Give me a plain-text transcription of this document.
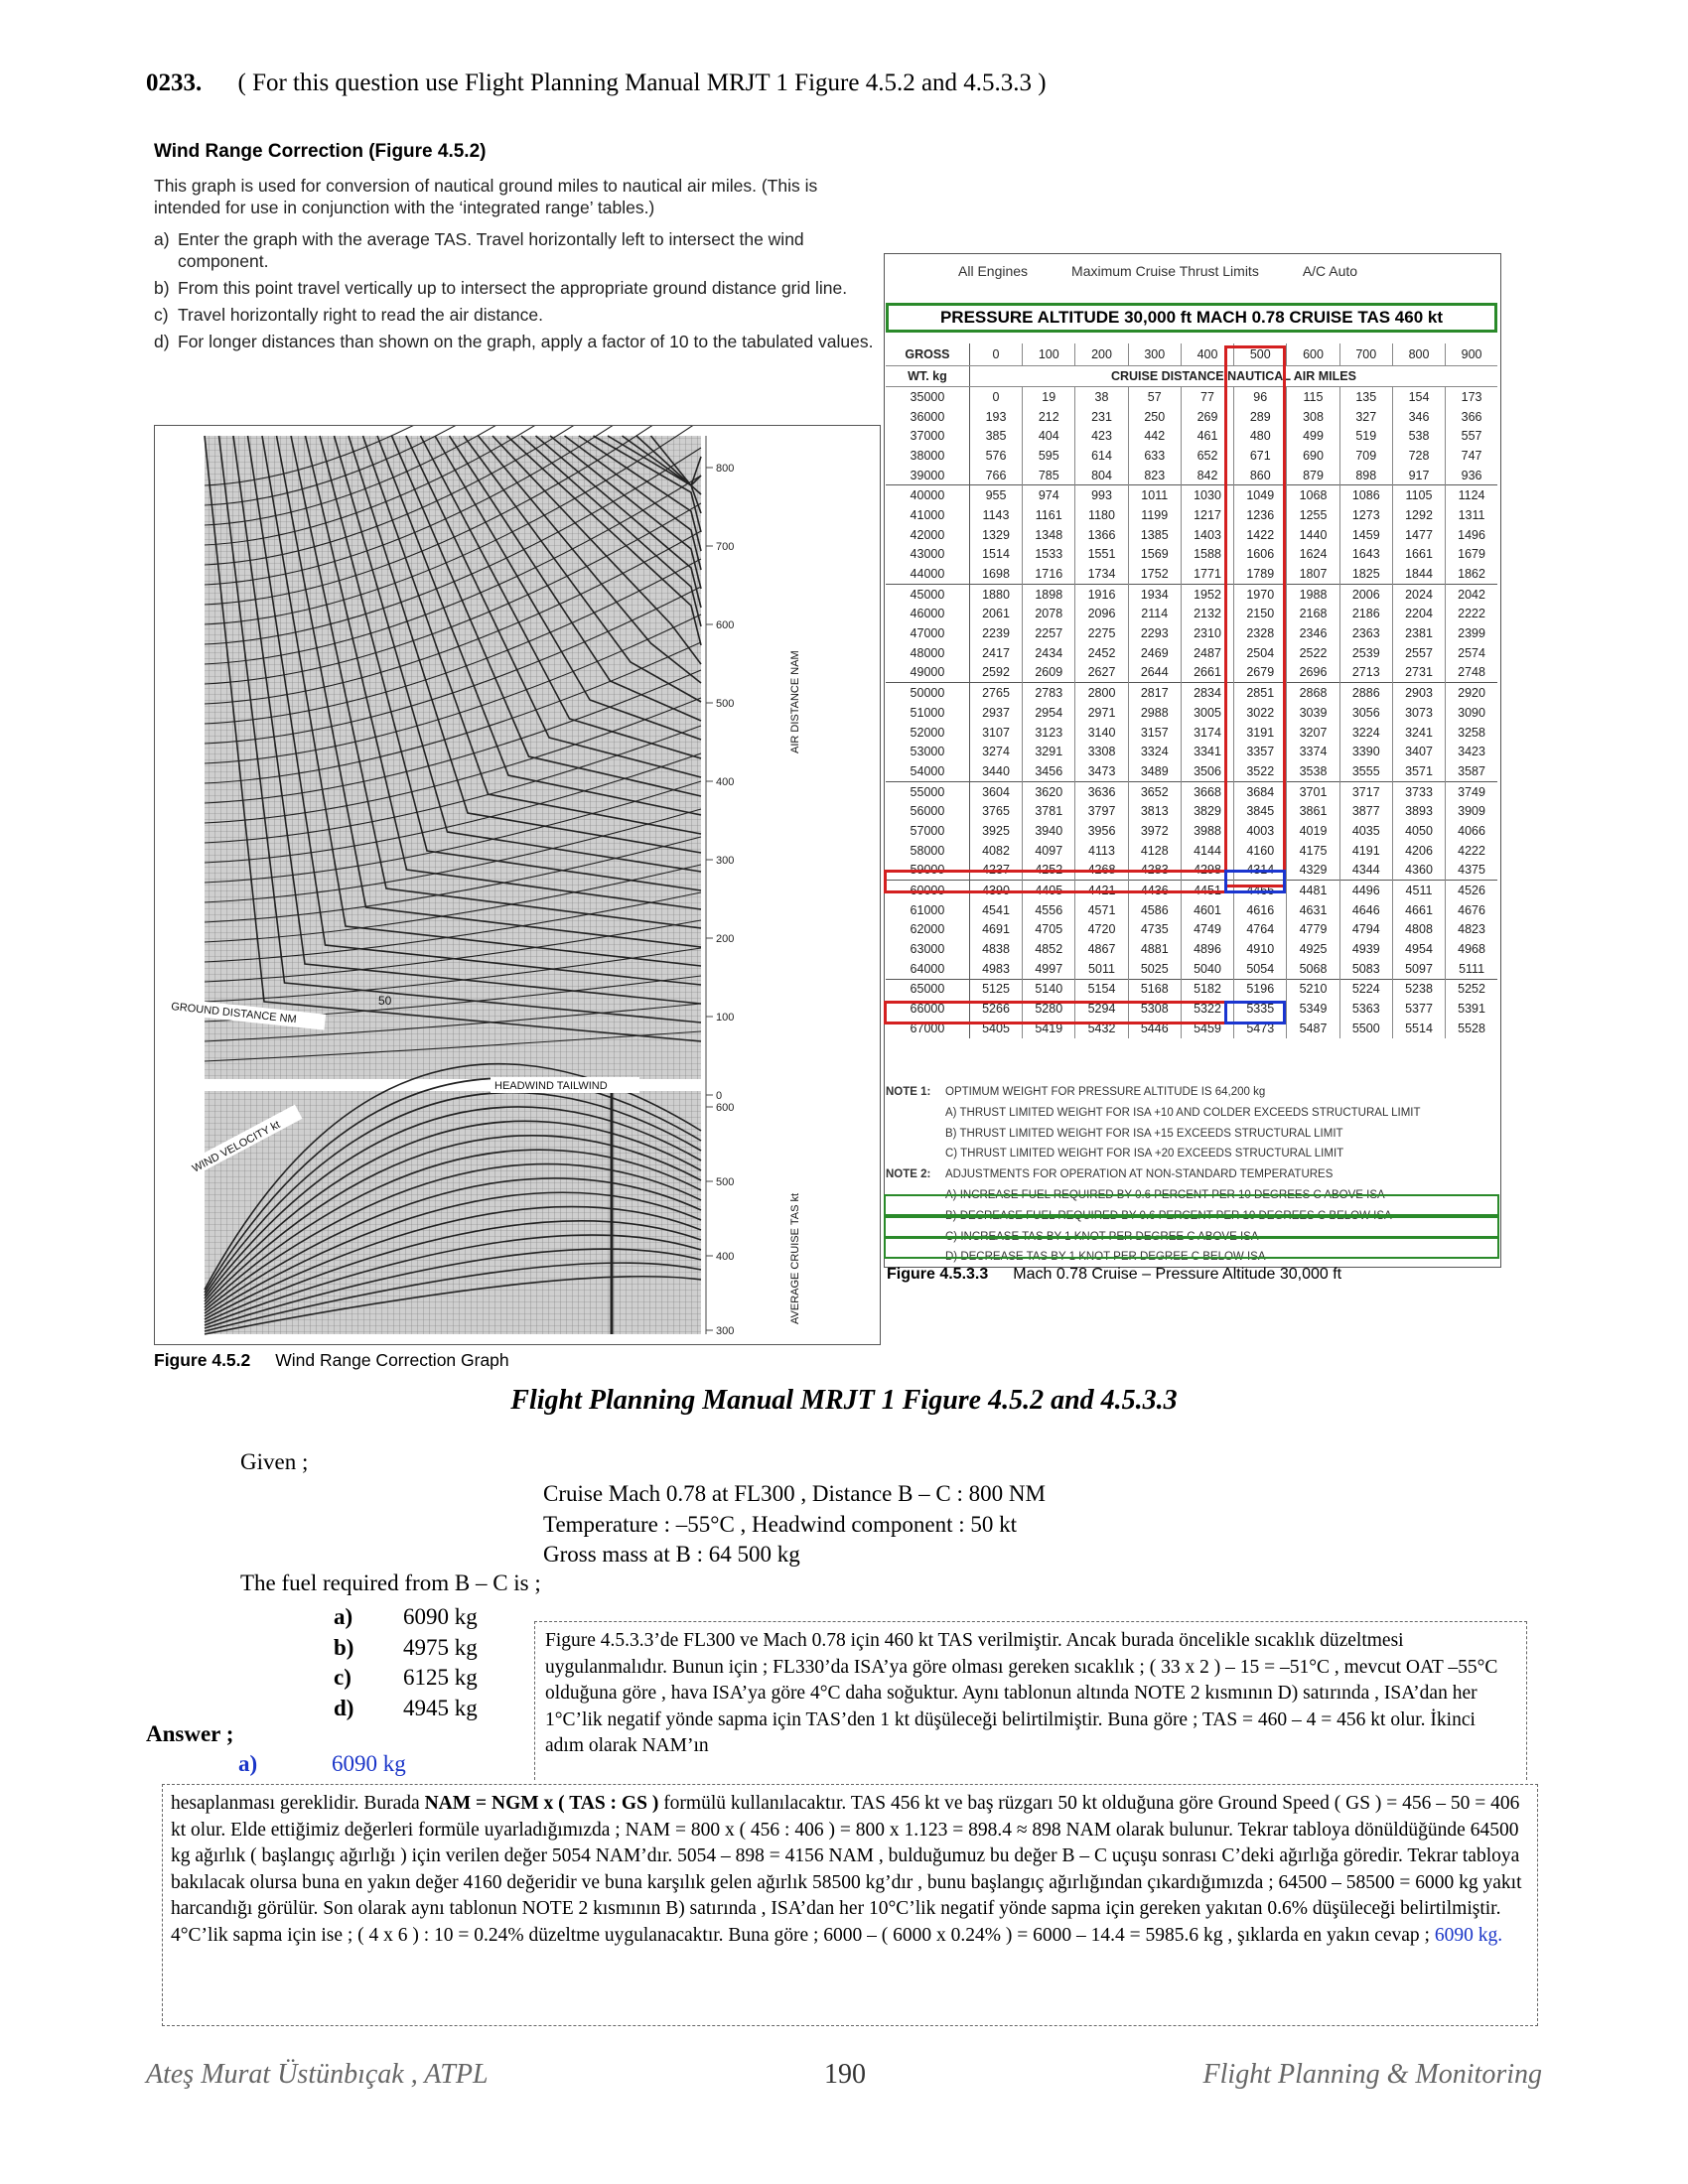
0233. ( For this question use Flight Planning Manual MRJT 1 Figure 4.5.2 and 4.5.3.3 )
Wind Range Correction (Figure 4.5.2)
This graph is used for conversion of nautical ground miles to nautical air miles. (This is intended for use in conjunction with the ‘integrated range’ tables.)
a) Enter the graph with the average TAS. Travel horizontally left to intersect the wind component.
b) From this point travel vertically up to intersect the appropriate ground distance grid line.
c) Travel horizontally right to read the air distance.
d) For longer distances than shown on the graph, apply a factor of 10 to the tabulated values.
800
700
600
500
400
300
200
100
0
600
500
400
300
GROUND DISTANCE NM
50
HEADWIND TAILWIND
WIND VELOCITY kt
AIR DISTANCE NAM
AVERAGE CRUISE TAS kt
Figure 4.5.2 Wind Range Correction Graph
All Engines	Maximum Cruise Thrust Limits	A/C Auto
PRESSURE ALTITUDE 30,000 ft MACH 0.78 CRUISE TAS 460 kt
GROSS	0	100	200	300	400	500	600	700	800	900
WT. kg	CRUISE DISTANCE NAUTICAL AIR MILES									
35000	0	19	38	57	77	96	115	135	154	173
36000	193	212	231	250	269	289	308	327	346	366
37000	385	404	423	442	461	480	499	519	538	557
38000	576	595	614	633	652	671	690	709	728	747
39000	766	785	804	823	842	860	879	898	917	936
40000	955	974	993	1011	1030	1049	1068	1086	1105	1124
41000	1143	1161	1180	1199	1217	1236	1255	1273	1292	1311
42000	1329	1348	1366	1385	1403	1422	1440	1459	1477	1496
43000	1514	1533	1551	1569	1588	1606	1624	1643	1661	1679
44000	1698	1716	1734	1752	1771	1789	1807	1825	1844	1862
45000	1880	1898	1916	1934	1952	1970	1988	2006	2024	2042
46000	2061	2078	2096	2114	2132	2150	2168	2186	2204	2222
47000	2239	2257	2275	2293	2310	2328	2346	2363	2381	2399
48000	2417	2434	2452	2469	2487	2504	2522	2539	2557	2574
49000	2592	2609	2627	2644	2661	2679	2696	2713	2731	2748
50000	2765	2783	2800	2817	2834	2851	2868	2886	2903	2920
51000	2937	2954	2971	2988	3005	3022	3039	3056	3073	3090
52000	3107	3123	3140	3157	3174	3191	3207	3224	3241	3258
53000	3274	3291	3308	3324	3341	3357	3374	3390	3407	3423
54000	3440	3456	3473	3489	3506	3522	3538	3555	3571	3587
55000	3604	3620	3636	3652	3668	3684	3701	3717	3733	3749
56000	3765	3781	3797	3813	3829	3845	3861	3877	3893	3909
57000	3925	3940	3956	3972	3988	4003	4019	4035	4050	4066
58000	4082	4097	4113	4128	4144	4160	4175	4191	4206	4222
59000	4237	4252	4268	4283	4298	4314	4329	4344	4360	4375
60000	4390	4405	4421	4436	4451	4466	4481	4496	4511	4526
61000	4541	4556	4571	4586	4601	4616	4631	4646	4661	4676
62000	4691	4705	4720	4735	4749	4764	4779	4794	4808	4823
63000	4838	4852	4867	4881	4896	4910	4925	4939	4954	4968
64000	4983	4997	5011	5025	5040	5054	5068	5083	5097	5111
65000	5125	5140	5154	5168	5182	5196	5210	5224	5238	5252
66000	5266	5280	5294	5308	5322	5335	5349	5363	5377	5391
67000	5405	5419	5432	5446	5459	5473	5487	5500	5514	5528
NOTE 1: OPTIMUM WEIGHT FOR PRESSURE ALTITUDE IS 64,200 kg
A) THRUST LIMITED WEIGHT FOR ISA +10 AND COLDER EXCEEDS STRUCTURAL LIMIT
B) THRUST LIMITED WEIGHT FOR ISA +15 EXCEEDS STRUCTURAL LIMIT
C) THRUST LIMITED WEIGHT FOR ISA +20 EXCEEDS STRUCTURAL LIMIT
NOTE 2: ADJUSTMENTS FOR OPERATION AT NON-STANDARD TEMPERATURES
A) INCREASE FUEL REQUIRED BY 0.6 PERCENT PER 10 DEGREES C ABOVE ISA
B) DECREASE FUEL REQUIRED BY 0.6 PERCENT PER 10 DEGREES C BELOW ISA
C) INCREASE TAS BY 1 KNOT PER DEGREE C ABOVE ISA
D) DECREASE TAS BY 1 KNOT PER DEGREE C BELOW ISA
Figure 4.5.3.3 Mach 0.78 Cruise – Pressure Altitude 30,000 ft
Flight Planning Manual MRJT 1 Figure 4.5.2 and 4.5.3.3
Given ;
Cruise Mach 0.78 at FL300 , Distance B – C : 800 NM
Temperature : –55°C , Headwind component : 50 kt
Gross mass at B : 64 500 kg
The fuel required from B – C is ;
a)	6090 kg
b)	4975 kg
c)	6125 kg
d)	4945 kg
Answer ;
a)	6090 kg
Figure 4.5.3.3’de FL300 ve Mach 0.78 için 460 kt TAS verilmiştir. Ancak burada öncelikle sıcaklık düzeltmesi uygulanmalıdır. Bunun için ; FL330’da ISA’ya göre olması gereken sıcaklık ; ( 33 x 2 ) – 15 = –51°C , mevcut OAT –55°C olduğuna göre , hava ISA’ya göre 4°C daha soğuktur. Aynı tablonun altında NOTE 2 kısmının D) satırında , ISA’dan her 1°C’lik negatif yönde sapma için TAS’den 1 kt düşüleceği belirtilmiştir. Buna göre ; TAS = 460 – 4 = 456 kt olur. İkinci adım olarak NAM’ın
hesaplanması gereklidir. Burada NAM = NGM x ( TAS : GS ) formülü kullanılacaktır. TAS 456 kt ve baş rüzgarı 50 kt olduğuna göre Ground Speed ( GS ) = 456 – 50 = 406 kt olur. Elde ettiğimiz değerleri formüle uyarladığımızda ; NAM = 800 x ( 456 : 406 ) = 800 x 1.123 = 898.4 ≈ 898 NAM olarak bulunur. Tekrar tabloya dönüldüğünde 64500 kg ağırlık ( başlangıç ağırlığı ) için verilen değer 5054 NAM’dır. 5054 – 898 = 4156 NAM , bulduğumuz bu değer B – C uçuşu sonrası C’deki ağırlığa göredir. Tekrar tabloya bakılacak olursa buna en yakın değer 4160 değeridir ve buna karşılık gelen ağırlık 58500 kg’dır , bunu başlangıç ağırlığından çıkardığımızda ; 64500 – 58500 = 6000 kg yakıt harcandığı görülür. Son olarak aynı tablonun NOTE 2 kısmının B) satırında , ISA’dan her 10°C’lik negatif yönde sapma için gereken yakıtan 0.6% düşüleceği belirtilmiştir. 4°C’lik sapma için ise ; ( 4 x 6 ) : 10 = 0.24% düzeltme uygulanacaktır. Buna göre ; 6000 – ( 6000 x 0.24% ) = 6000 – 14.4 = 5985.6 kg , şıklarda en yakın cevap ; 6090 kg.
Ateş Murat Üstünbıçak , ATPL	190	Flight Planning & Monitoring
